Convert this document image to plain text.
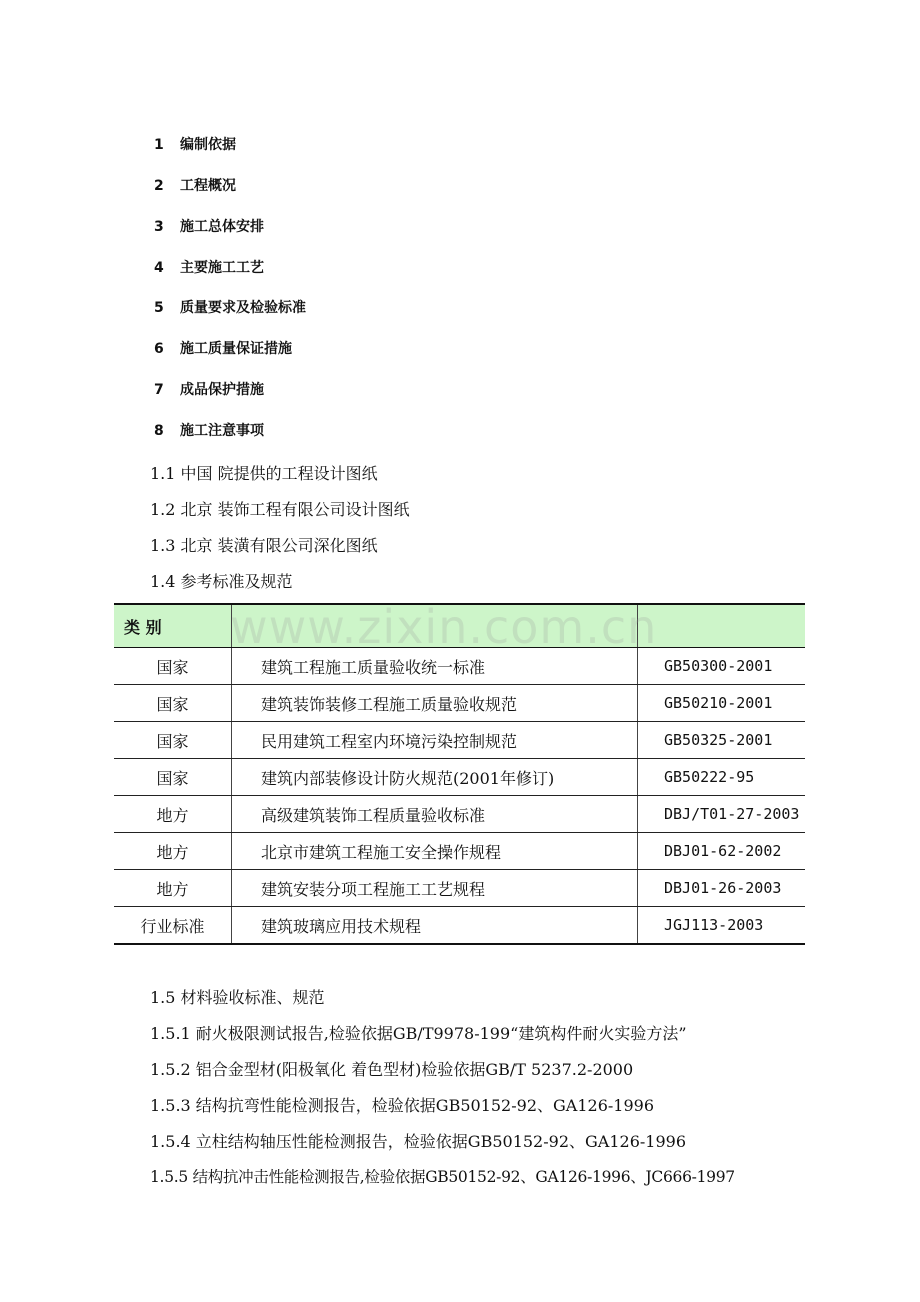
1 编制依据
2 工程概况
3 施工总体安排
4 主要施工工艺
5 质量要求及检验标准
6 施工质量保证措施
7 成品保护措施
8 施工注意事项
1.1 中国 院提供的工程设计图纸
1.2 北京 装饰工程有限公司设计图纸
1.3 北京 装潢有限公司深化图纸
1.4 参考标准及规范
类 别		
国家	建筑工程施工质量验收统一标准	GB50300-2001
国家	建筑装饰装修工程施工质量验收规范	GB50210-2001
国家	民用建筑工程室内环境污染控制规范	GB50325-2001
国家	建筑内部装修设计防火规范(2001年修订)	GB50222-95
地方	高级建筑装饰工程质量验收标准	DBJ/T01-27-2003
地方	北京市建筑工程施工安全操作规程	DBJ01-62-2002
地方	建筑安装分项工程施工工艺规程	DBJ01-26-2003
行业标准	建筑玻璃应用技术规程	JGJ113-2003
www.zixin.com.cn
1.5 材料验收标准、规范
1.5.1 耐火极限测试报告,检验依据GB/T9978-199“建筑构件耐火实验方法”
1.5.2 铝合金型材(阳极氧化 着色型材)检验依据GB/T 5237.2-2000
1.5.3 结构抗弯性能检测报告，检验依据GB50152-92、GA126-1996
1.5.4 立柱结构轴压性能检测报告，检验依据GB50152-92、GA126-1996
1.5.5 结构抗冲击性能检测报告,检验依据GB50152-92、GA126-1996、JC666-1997
